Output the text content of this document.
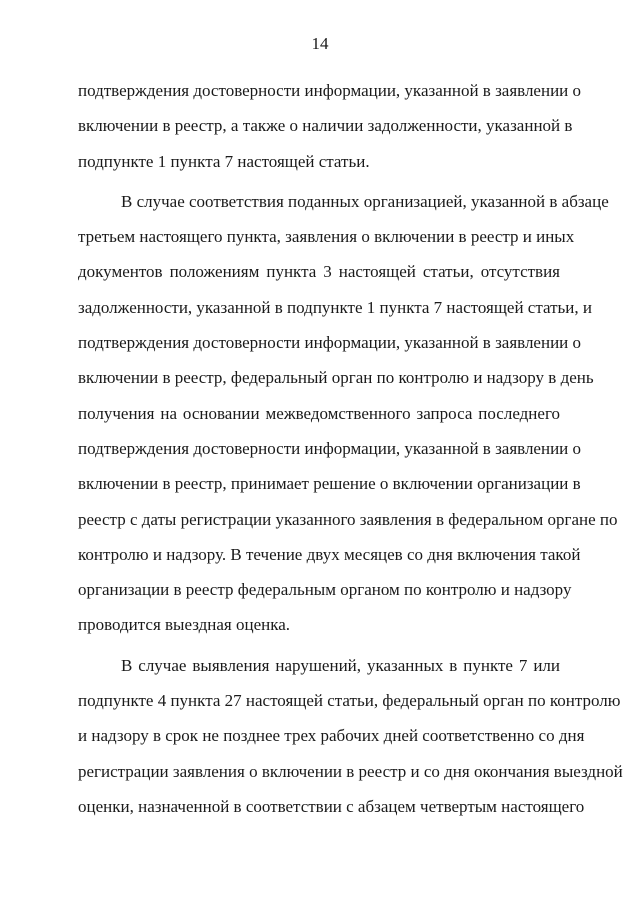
14
подтверждения достоверности информации, указанной в заявлении о
включении в реестр, а также о наличии задолженности, указанной в
подпункте 1 пункта 7 настоящей статьи.
В случае соответствия поданных организацией, указанной в абзаце
третьем настоящего пункта, заявления о включении в реестр и иных
документов положениям пункта 3 настоящей статьи, отсутствия
задолженности, указанной в подпункте 1 пункта 7 настоящей статьи, и
подтверждения достоверности информации, указанной в заявлении о
включении в реестр, федеральный орган по контролю и надзору в день
получения на основании межведомственного запроса последнего
подтверждения достоверности информации, указанной в заявлении о
включении в реестр, принимает решение о включении организации в
реестр с даты регистрации указанного заявления в федеральном органе по
контролю и надзору. В течение двух месяцев со дня включения такой
организации в реестр федеральным органом по контролю и надзору
проводится выездная оценка.
В случае выявления нарушений, указанных в пункте 7 или
подпункте 4 пункта 27 настоящей статьи, федеральный орган по контролю
и надзору в срок не позднее трех рабочих дней соответственно со дня
регистрации заявления о включении в реестр и со дня окончания выездной
оценки, назначенной в соответствии с абзацем четвертым настоящего
